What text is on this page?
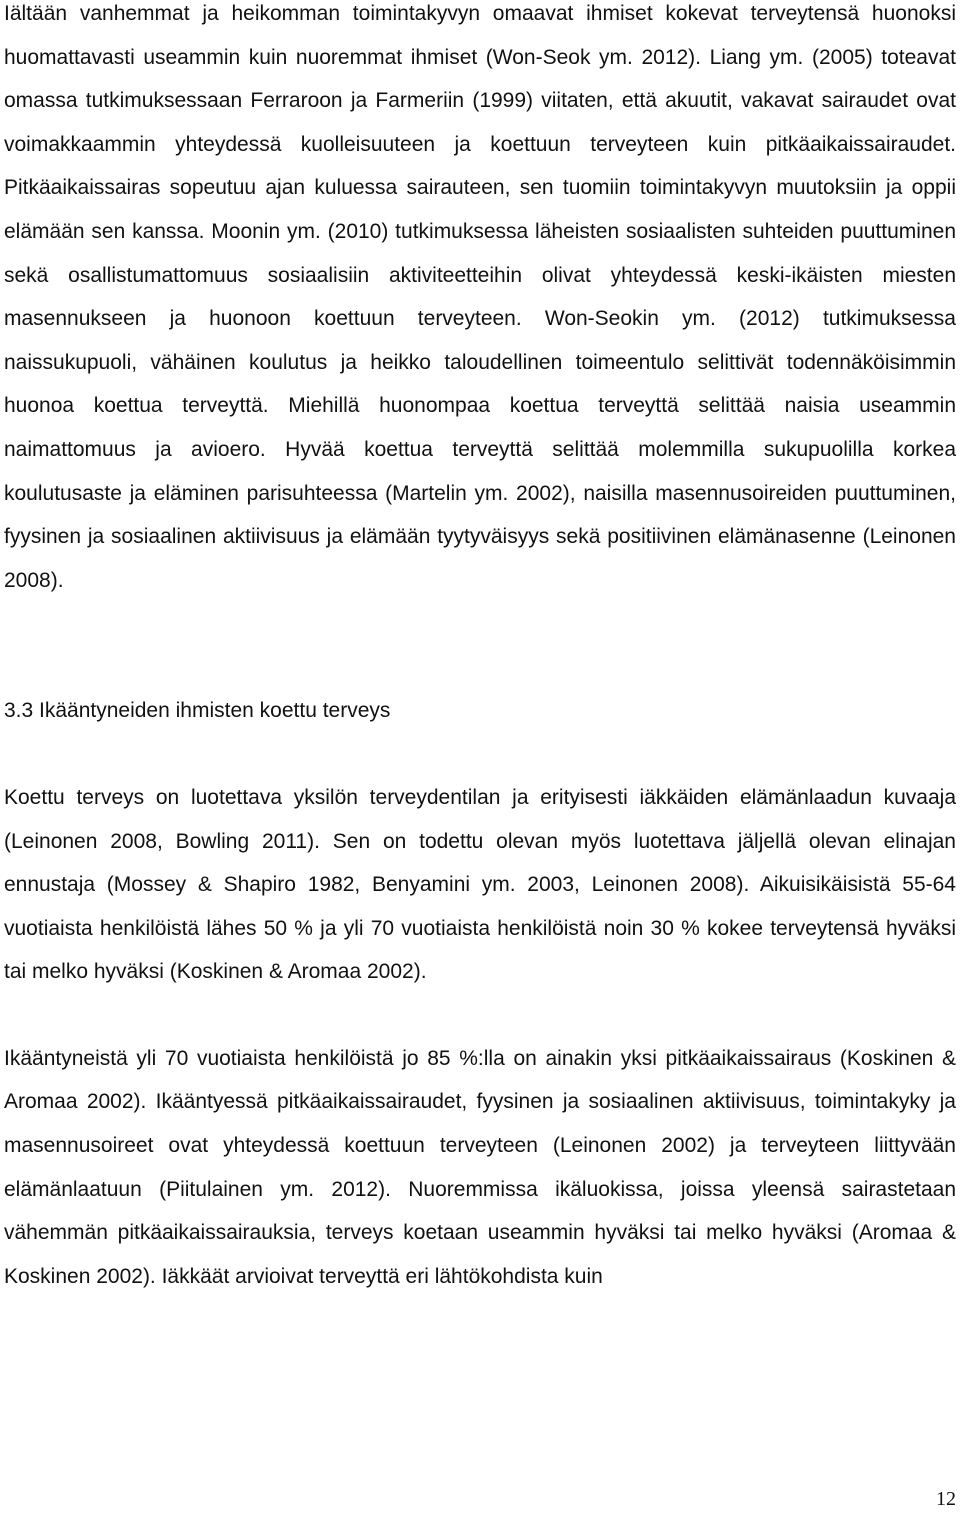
Iältään vanhemmat ja heikomman toimintakyvyn omaavat ihmiset kokevat terveytensä huonoksi huomattavasti useammin kuin nuoremmat ihmiset (Won-Seok ym. 2012). Liang ym. (2005) toteavat omassa tutkimuksessaan Ferraroon ja Farmeriin (1999) viitaten, että akuutit, vakavat sairaudet ovat voimakkaammin yhteydessä kuolleisuuteen ja koettuun terveyteen kuin pitkäaikaissairaudet. Pitkäaikaissairas sopeutuu ajan kuluessa sairauteen, sen tuomiin toimintakyvyn muutoksiin ja oppii elämään sen kanssa. Moonin ym. (2010) tutkimuksessa läheisten sosiaalisten suhteiden puuttuminen sekä osallistumattomuus sosiaalisiin aktiviteetteihin olivat yhteydessä keski-ikäisten miesten masennukseen ja huonoon koettuun terveyteen. Won-Seokin ym. (2012) tutkimuksessa naissukupuoli, vähäinen koulutus ja heikko taloudellinen toimeentulo selittivät todennäköisimmin huonoa koettua terveyttä. Miehillä huonompaa koettua terveyttä selittää naisia useammin naimattomuus ja avioero. Hyvää koettua terveyttä selittää molemmilla sukupuolilla korkea koulutusaste ja eläminen parisuhteessa (Martelin ym. 2002), naisilla masennusoireiden puuttuminen, fyysinen ja sosiaalinen aktiivisuus ja elämään tyytyväisyys sekä positiivinen elämänasenne (Leinonen 2008).

3.3 Ikääntyneiden ihmisten koettu terveys

Koettu terveys on luotettava yksilön terveydentilan ja erityisesti iäkkäiden elämänlaadun kuvaaja (Leinonen 2008, Bowling 2011). Sen on todettu olevan myös luotettava jäljellä olevan elinajan ennustaja (Mossey & Shapiro 1982, Benyamini ym. 2003, Leinonen 2008). Aikuisikäisistä 55-64 vuotiaista henkilöistä lähes 50 % ja yli 70 vuotiaista henkilöistä noin 30 % kokee terveytensä hyväksi tai melko hyväksi (Koskinen & Aromaa 2002).

Ikääntyneistä yli 70 vuotiaista henkilöistä jo 85 %:lla on ainakin yksi pitkäaikaissairaus (Koskinen & Aromaa 2002). Ikääntyessä pitkäaikaissairaudet, fyysinen ja sosiaalinen aktiivisuus, toimintakyky ja masennusoireet ovat yhteydessä koettuun terveyteen (Leinonen 2002) ja terveyteen liittyvään elämänlaatuun (Piitulainen ym. 2012). Nuoremmissa ikäluokissa, joissa yleensä sairastetaan vähemmän pitkäaikaissairauksia, terveys koetaan useammin hyväksi tai melko hyväksi (Aromaa & Koskinen 2002). Iäkkäät arvioivat terveyttä eri lähtökohdista kuin

12
